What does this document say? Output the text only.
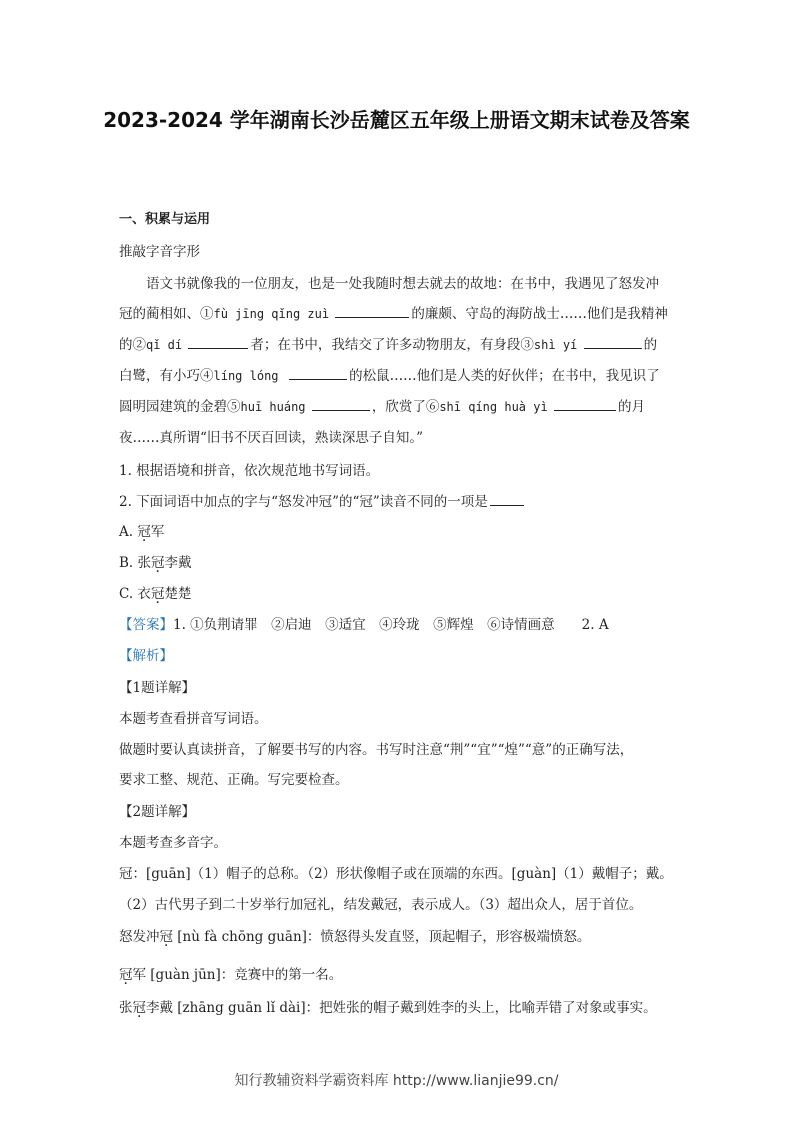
2023-2024 学年湖南长沙岳麓区五年级上册语文期末试卷及答案
一、积累与运用
推敲字音字形
语文书就像我的一位朋友，也是一处我随时想去就去的故地：在书中，我遇见了怒发冲
冠的蔺相如、①fù jīng qǐng zuì	的廉颇、守岛的海防战士……他们是我精神
的②qǐ dí	者；在书中，我结交了许多动物朋友，有身段③shì yí	的
白鹭，有小巧④líng lóng	的松鼠……他们是人类的好伙伴；在书中，我见识了
圆明园建筑的金碧⑤huī huáng	，欣赏了⑥shī qíng huà yì	的月
夜……真所谓“旧书不厌百回读，熟读深思子自知。”
1. 根据语境和拼音，依次规范地书写词语。
2. 下面词语中加点的字与“怒发冲冠”的“冠”读音不同的一项是
A. 冠军
B. 张冠李戴
C. 衣冠楚楚
【答案】1. ①负荆请罪　②启迪　③适宜　④玲珑　⑤辉煌　⑥诗情画意　　2. A
【解析】
【1题详解】
本题考查看拼音写词语。
做题时要认真读拼音，了解要书写的内容。书写时注意“荆”“宜”“煌”“意”的正确写法，
要求工整、规范、正确。写完要检查。
【2题详解】
本题考查多音字。
冠：[guān]（1）帽子的总称。（2）形状像帽子或在顶端的东西。[guàn]（1）戴帽子；戴。
（2）古代男子到二十岁举行加冠礼，结发戴冠，表示成人。（3）超出众人，居于首位。
怒发冲冠 [nù fà chōng guān]：愤怒得头发直竖，顶起帽子，形容极端愤怒。
冠军 [guàn jūn]：竞赛中的第一名。
张冠李戴 [zhāng guān lǐ dài]：把姓张的帽子戴到姓李的头上，比喻弄错了对象或事实。
知行教辅资料学霸资料库 http://www.lianjie99.cn/
